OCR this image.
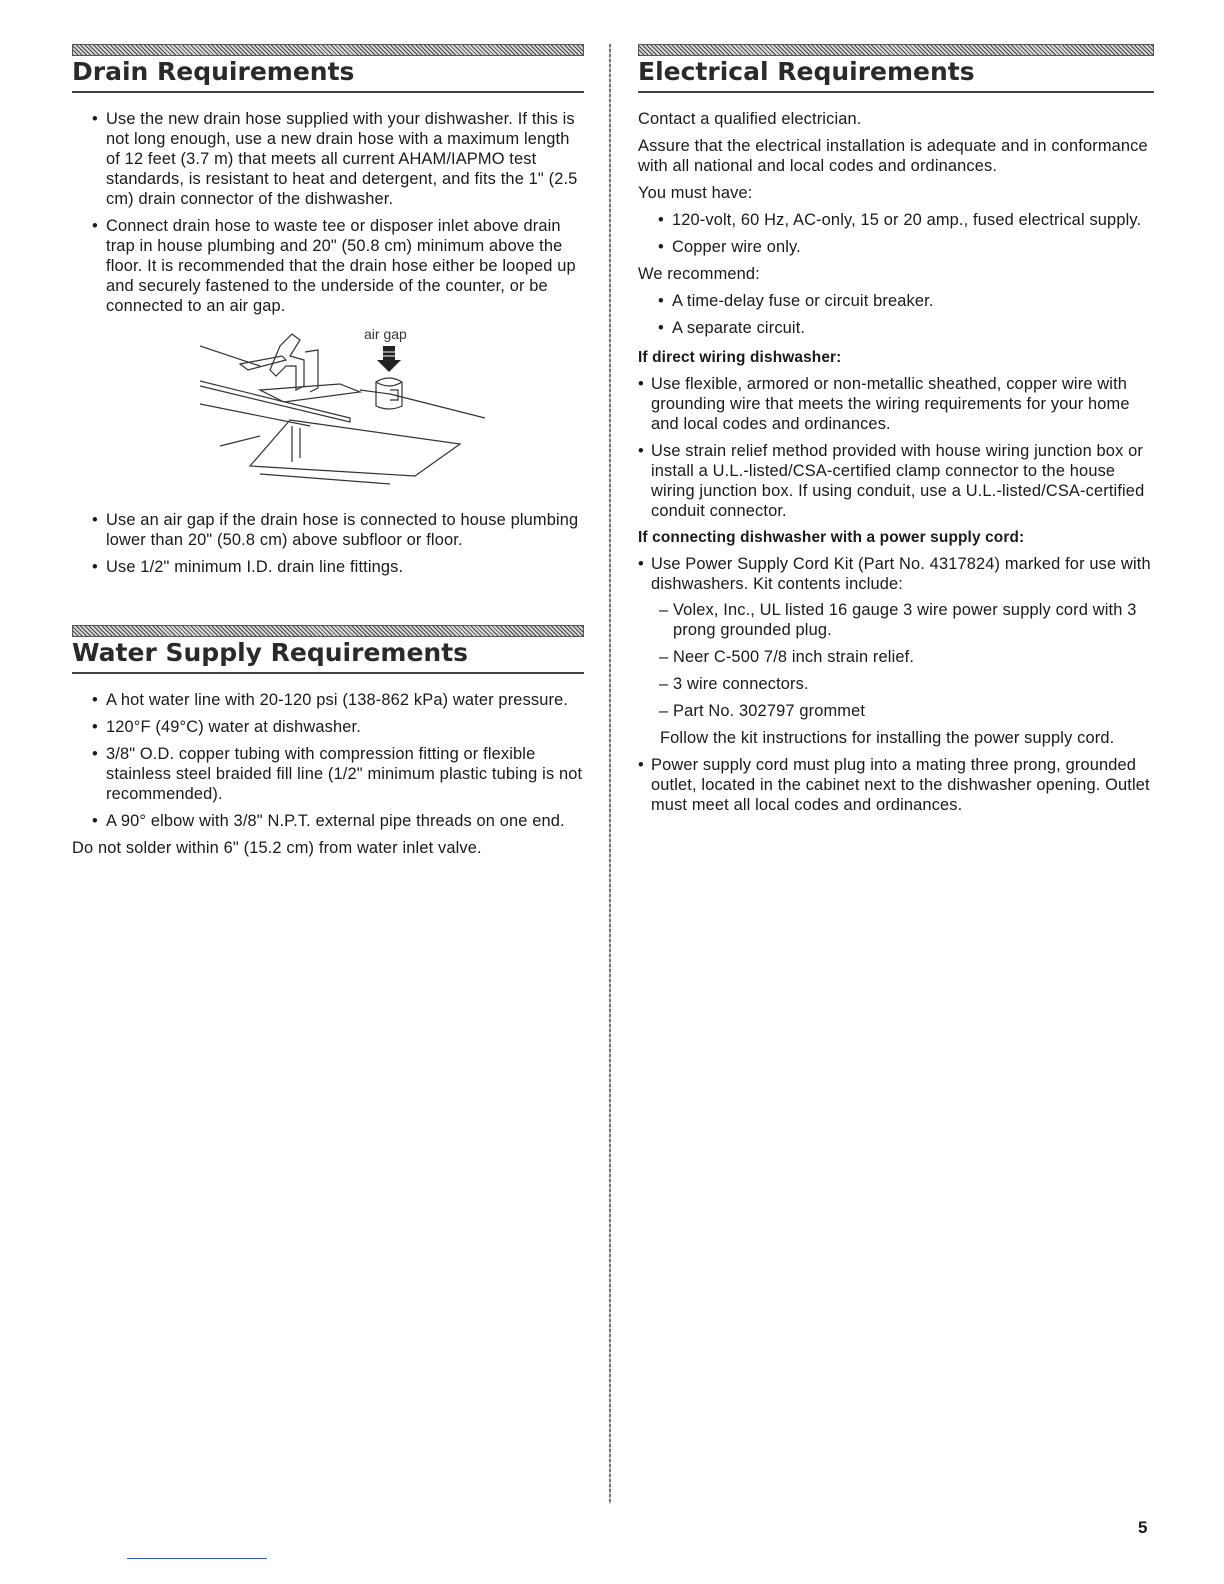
Drain Requirements
• Use the new drain hose supplied with your dishwasher. If this is not long enough, use a new drain hose with a maximum length of 12 feet (3.7 m) that meets all current AHAM/IAPMO test standards, is resistant to heat and detergent, and fits the 1" (2.5 cm) drain connector of the dishwasher.
• Connect drain hose to waste tee or disposer inlet above drain trap in house plumbing and 20" (50.8 cm) minimum above the floor. It is recommended that the drain hose either be looped up and securely fastened to the underside of the counter, or be connected to an air gap.
air gap
• Use an air gap if the drain hose is connected to house plumbing lower than 20" (50.8 cm) above subfloor or floor.
• Use 1/2" minimum I.D. drain line fittings.
Water Supply Requirements
• A hot water line with 20-120 psi (138-862 kPa) water pressure.
• 120°F (49°C) water at dishwasher.
• 3/8" O.D. copper tubing with compression fitting or flexible stainless steel braided fill line (1/2" minimum plastic tubing is not recommended).
• A 90° elbow with 3/8" N.P.T. external pipe threads on one end.

Do not solder within 6" (15.2 cm) from water inlet valve.

Electrical Requirements

Contact a qualified electrician.

Assure that the electrical installation is adequate and in conformance with all national and local codes and ordinances.

You must have:

• 120-volt, 60 Hz, AC-only, 15 or 20 amp., fused electrical supply.
• Copper wire only.

We recommend:

• A time-delay fuse or circuit breaker.
• A separate circuit.

If direct wiring dishwasher:

• Use flexible, armored or non-metallic sheathed, copper wire with grounding wire that meets the wiring requirements for your home and local codes and ordinances.
• Use strain relief method provided with house wiring junction box or install a U.L.-listed/CSA-certified clamp connector to the house wiring junction box. If using conduit, use a U.L.-listed/CSA-certified conduit connector.

If connecting dishwasher with a power supply cord:

• Use Power Supply Cord Kit (Part No. 4317824) marked for use with dishwashers. Kit contents include:
– Volex, Inc., UL listed 16 gauge 3 wire power supply cord with 3 prong grounded plug.
– Neer C-500 7/8 inch strain relief.
– 3 wire connectors.
– Part No. 302797 grommet

Follow the kit instructions for installing the power supply cord.

• Power supply cord must plug into a mating three prong, grounded outlet, located in the cabinet next to the dishwasher opening. Outlet must meet all local codes and ordinances.
5
